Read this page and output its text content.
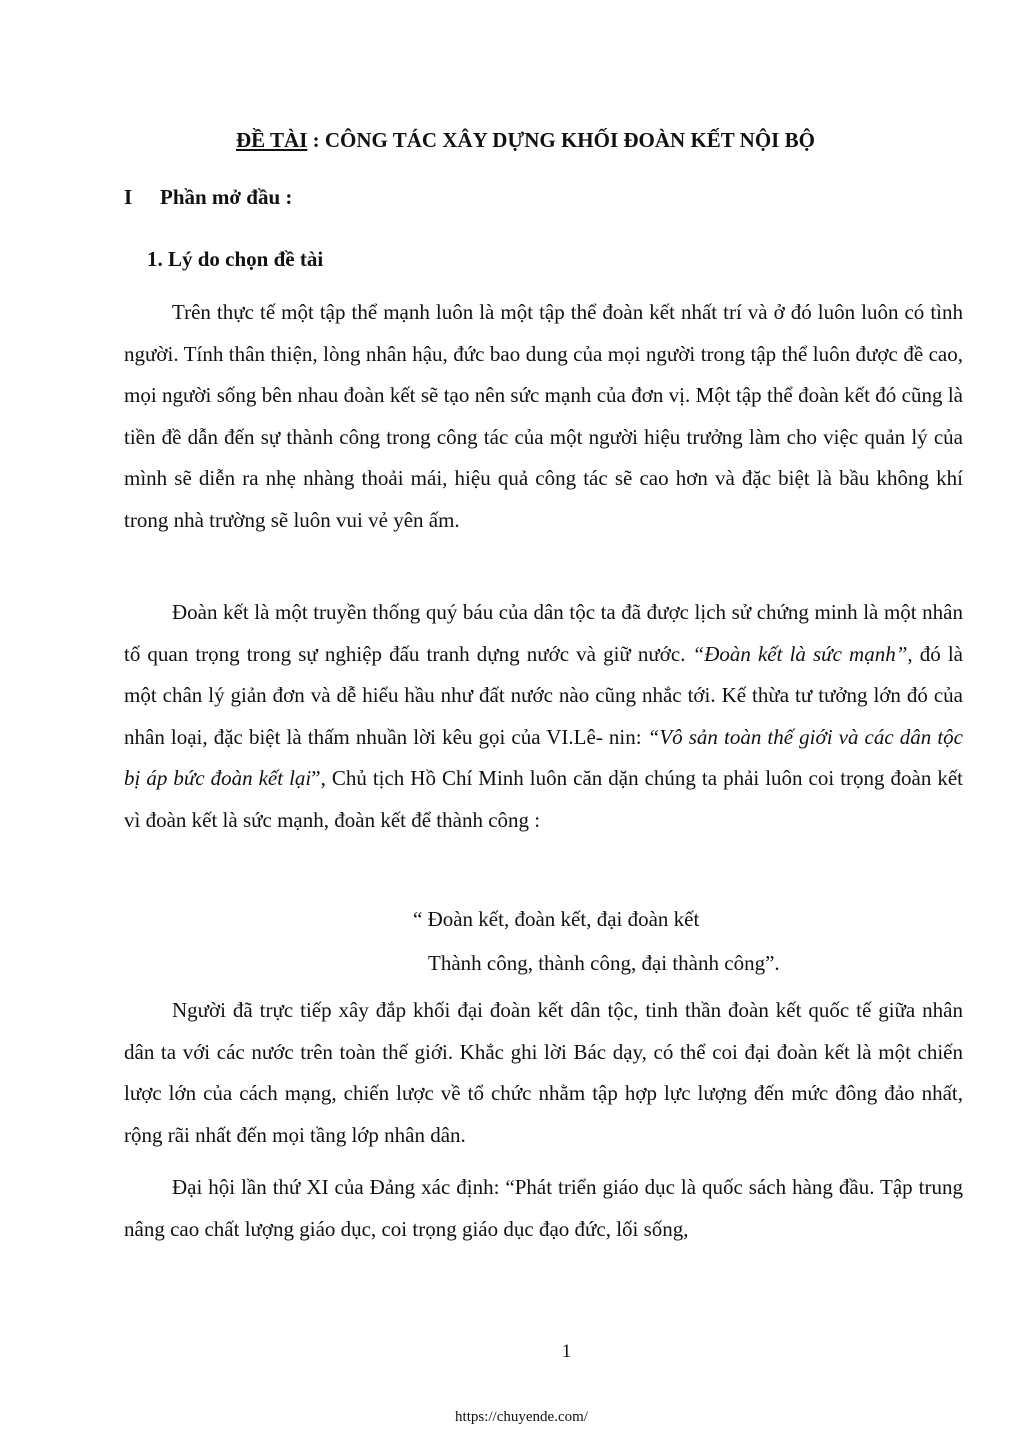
ĐỀ TÀI : CÔNG TÁC XÂY DỰNG KHỐI ĐOÀN KẾT NỘI BỘ
I Phần mở đầu :
1. Lý do chọn đề tài

Trên thực tế một tập thể mạnh luôn là một tập thể đoàn kết nhất trí và ở đó luôn luôn có tình người. Tính thân thiện, lòng nhân hậu, đức bao dung của mọi người trong tập thể luôn được đề cao, mọi người sống bên nhau đoàn kết sẽ tạo nên sức mạnh của đơn vị. Một tập thể đoàn kết đó cũng là tiền đề dẫn đến sự thành công trong công tác của một người hiệu trưởng làm cho việc quản lý của mình sẽ diễn ra nhẹ nhàng thoải mái, hiệu quả công tác sẽ cao hơn và đặc biệt là bầu không khí trong nhà trường sẽ luôn vui vẻ yên ấm.

Đoàn kết là một truyền thống quý báu của dân tộc ta đã được lịch sử chứng minh là một nhân tố quan trọng trong sự nghiệp đấu tranh dựng nước và giữ nước. “Đoàn kết là sức mạnh”, đó là một chân lý giản đơn và dễ hiểu hầu như đất nước nào cũng nhắc tới. Kế thừa tư tưởng lớn đó của nhân loại, đặc biệt là thấm nhuần lời kêu gọi của VI.Lê- nin: “Vô sản toàn thế giới và các dân tộc bị áp bức đoàn kết lại”, Chủ tịch Hồ Chí Minh luôn căn dặn chúng ta phải luôn coi trọng đoàn kết vì đoàn kết là sức mạnh, đoàn kết để thành công :

“ Đoàn kết, đoàn kết, đại đoàn kết
Thành công, thành công, đại thành công”.

Người đã trực tiếp xây đắp khối đại đoàn kết dân tộc, tinh thần đoàn kết quốc tế giữa nhân dân ta với các nước trên toàn thế giới. Khắc ghi lời Bác dạy, có thể coi đại đoàn kết là một chiến lược lớn của cách mạng, chiến lược về tổ chức nhằm tập hợp lực lượng đến mức đông đảo nhất, rộng rãi nhất đến mọi tầng lớp nhân dân.

Đại hội lần thứ XI của Đảng xác định: “Phát triển giáo dục là quốc sách hàng đầu. Tập trung nâng cao chất lượng giáo dục, coi trọng giáo dục đạo đức, lối sống,

1
https://chuyende.com/
